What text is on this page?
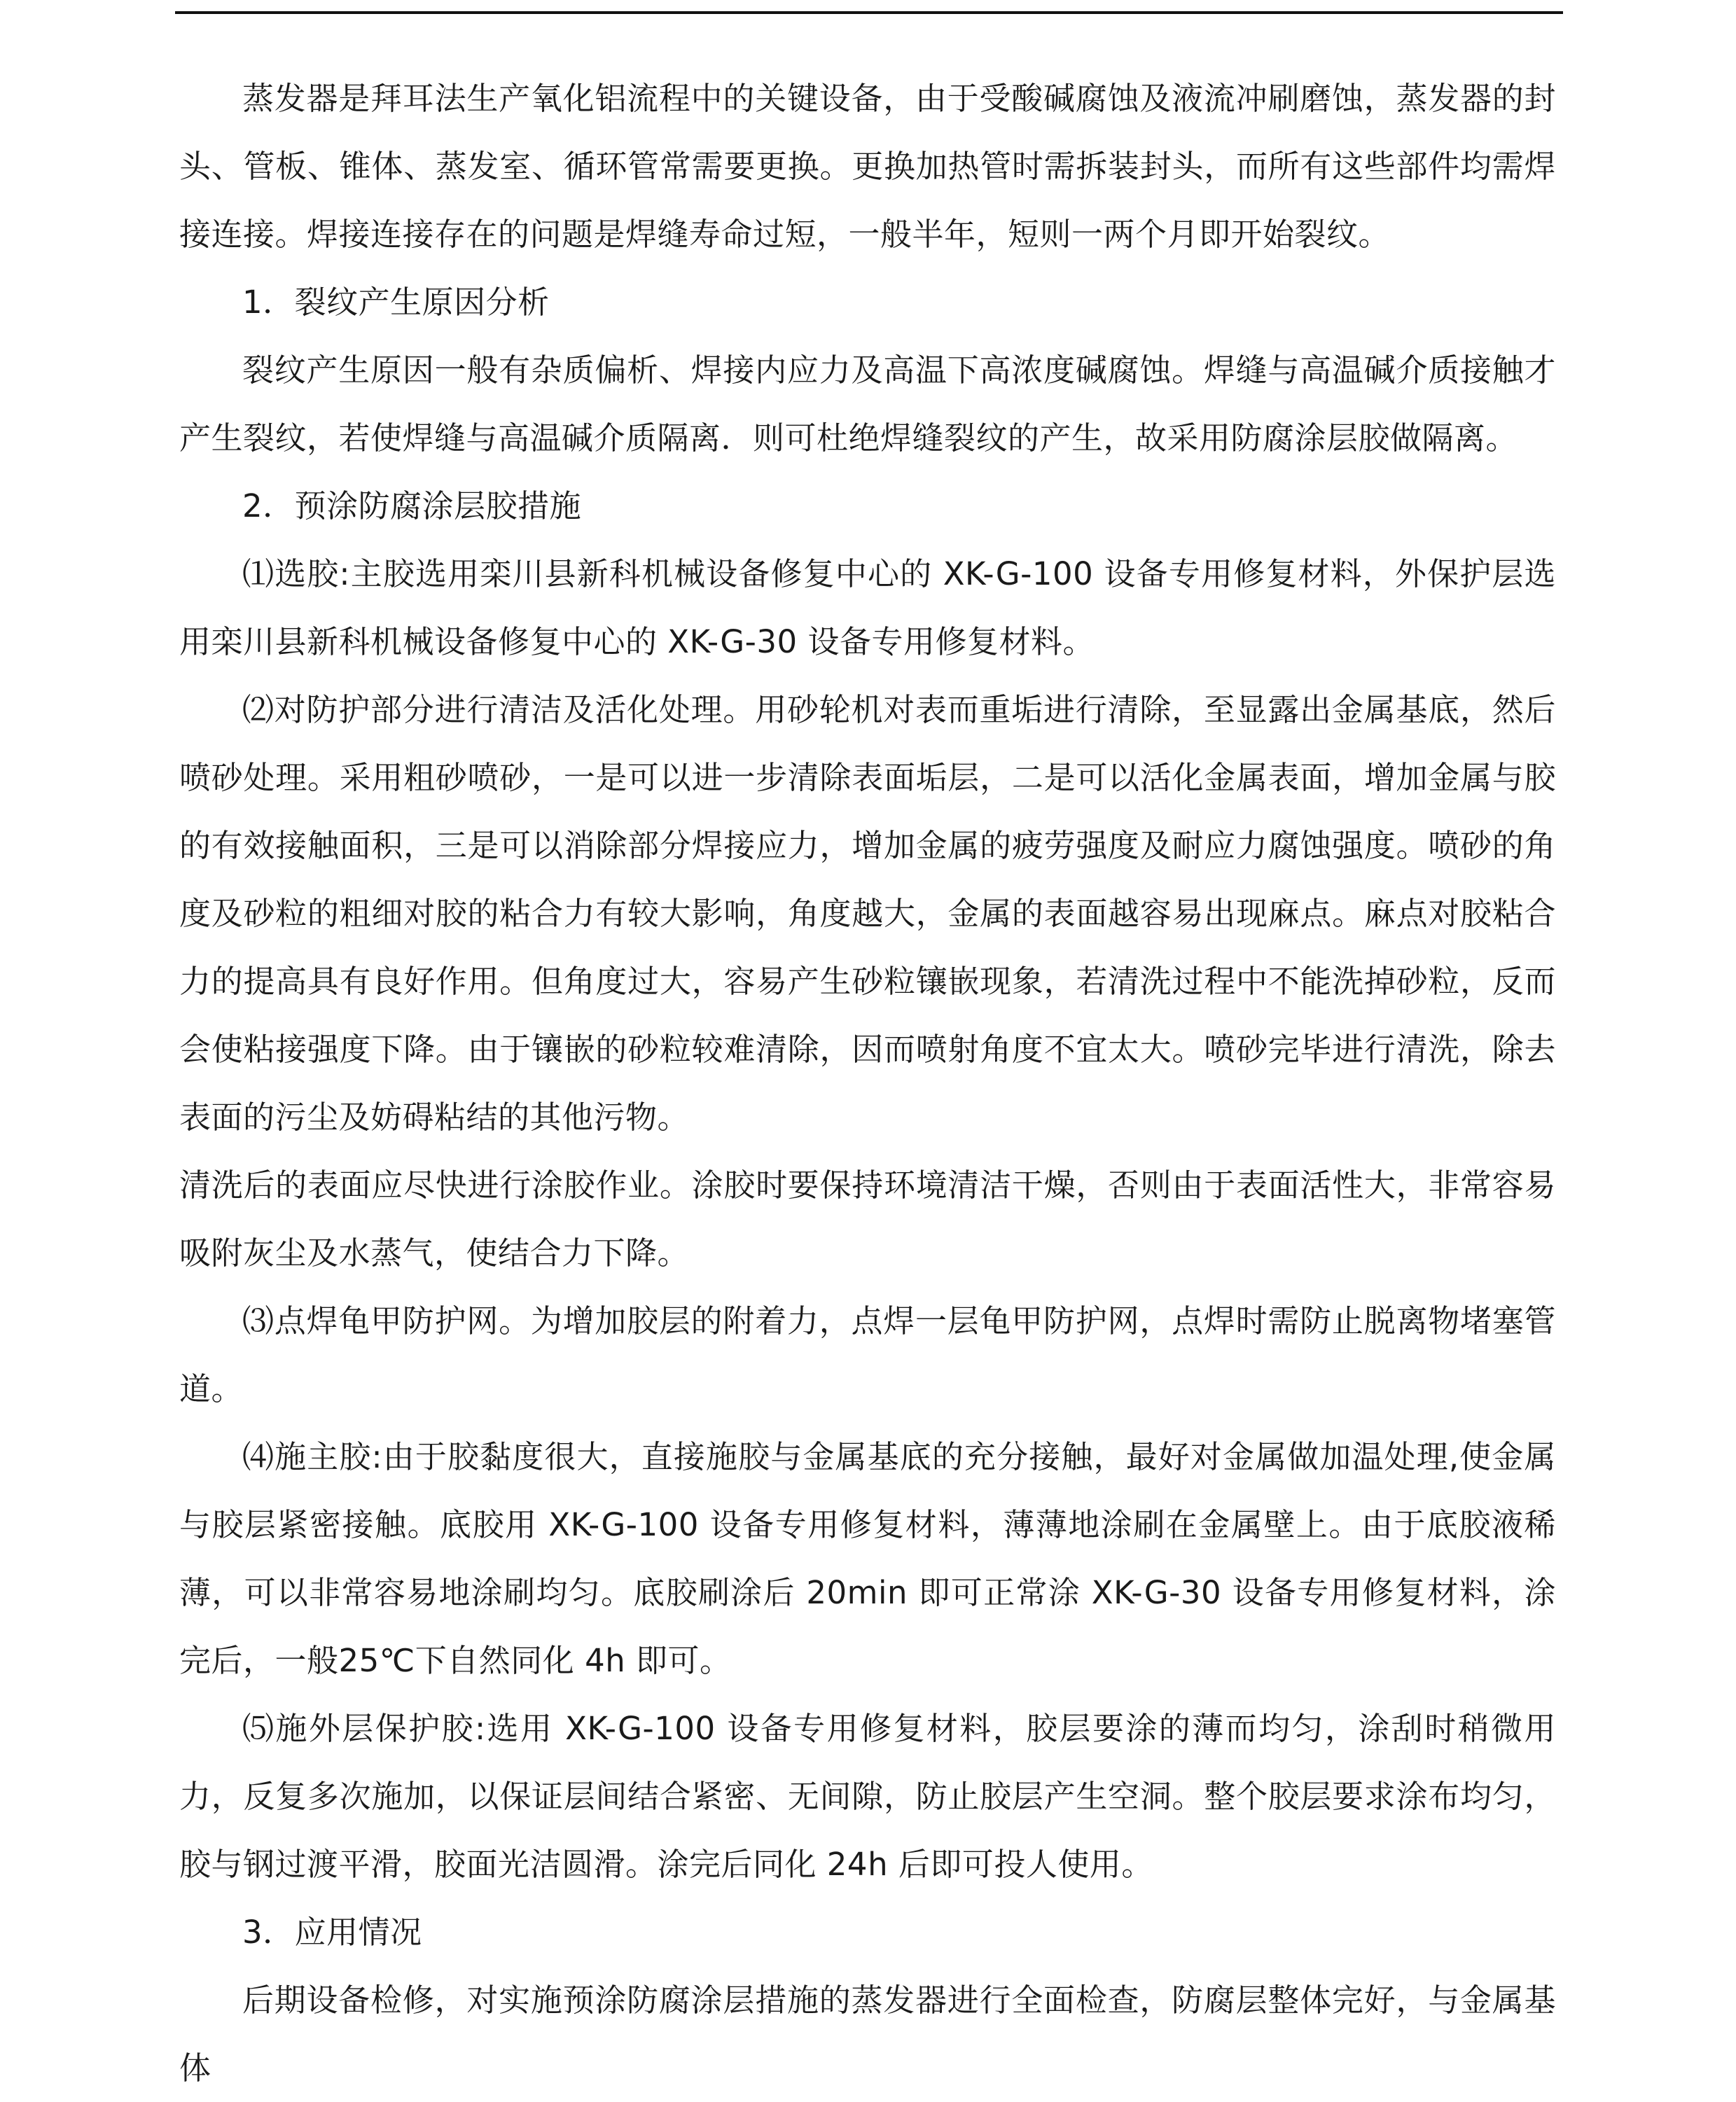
蒸发器是拜耳法生产氧化铝流程中的关键设备，由于受酸碱腐蚀及液流冲刷磨蚀，蒸发器的封头、管板、锥体、蒸发室、循环管常需要更换。更换加热管时需拆装封头，而所有这些部件均需焊接连接。焊接连接存在的问题是焊缝寿命过短，一般半年，短则一两个月即开始裂纹。

1．裂纹产生原因分析

裂纹产生原因一般有杂质偏析、焊接内应力及高温下高浓度碱腐蚀。焊缝与高温碱介质接触才产生裂纹，若使焊缝与高温碱介质隔离．则可杜绝焊缝裂纹的产生，故采用防腐涂层胶做隔离。

2．预涂防腐涂层胶措施

⑴选胶:主胶选用栾川县新科机械设备修复中心的 XK-G-100 设备专用修复材料，外保护层选用栾川县新科机械设备修复中心的 XK-G-30 设备专用修复材料。

⑵对防护部分进行清洁及活化处理。用砂轮机对表而重垢进行清除，至显露出金属基底，然后喷砂处理。采用粗砂喷砂，一是可以进一步清除表面垢层，二是可以活化金属表面，增加金属与胶的有效接触面积，三是可以消除部分焊接应力，增加金属的疲劳强度及耐应力腐蚀强度。喷砂的角度及砂粒的粗细对胶的粘合力有较大影响，角度越大，金属的表面越容易出现麻点。麻点对胶粘合力的提高具有良好作用。但角度过大，容易产生砂粒镶嵌现象，若清洗过程中不能洗掉砂粒，反而会使粘接强度下降。由于镶嵌的砂粒较难清除，因而喷射角度不宜太大。喷砂完毕进行清洗，除去表面的污尘及妨碍粘结的其他污物。

清洗后的表面应尽快进行涂胶作业。涂胶时要保持环境清洁干燥，否则由于表面活性大，非常容易吸附灰尘及水蒸气，使结合力下降。

⑶点焊龟甲防护网。为增加胶层的附着力，点焊一层龟甲防护网，点焊时需防止脱离物堵塞管道。

⑷施主胶:由于胶黏度很大，直接施胶与金属基底的充分接触，最好对金属做加温处理,使金属与胶层紧密接触。底胶用 XK-G-100 设备专用修复材料，薄薄地涂刷在金属壁上。由于底胶液稀薄，可以非常容易地涂刷均匀。底胶刷涂后 20min 即可正常涂 XK-G-30 设备专用修复材料，涂完后，一般25℃下自然同化 4h 即可。

⑸施外层保护胶:选用 XK-G-100 设备专用修复材料，胶层要涂的薄而均匀，涂刮时稍微用力，反复多次施加，以保证层间结合紧密、无间隙，防止胶层产生空洞。整个胶层要求涂布均匀，胶与钢过渡平滑，胶面光洁圆滑。涂完后同化 24h 后即可投人使用。

3．应用情况

后期设备检修，对实施预涂防腐涂层措施的蒸发器进行全面检查，防腐层整体完好，与金属基体
